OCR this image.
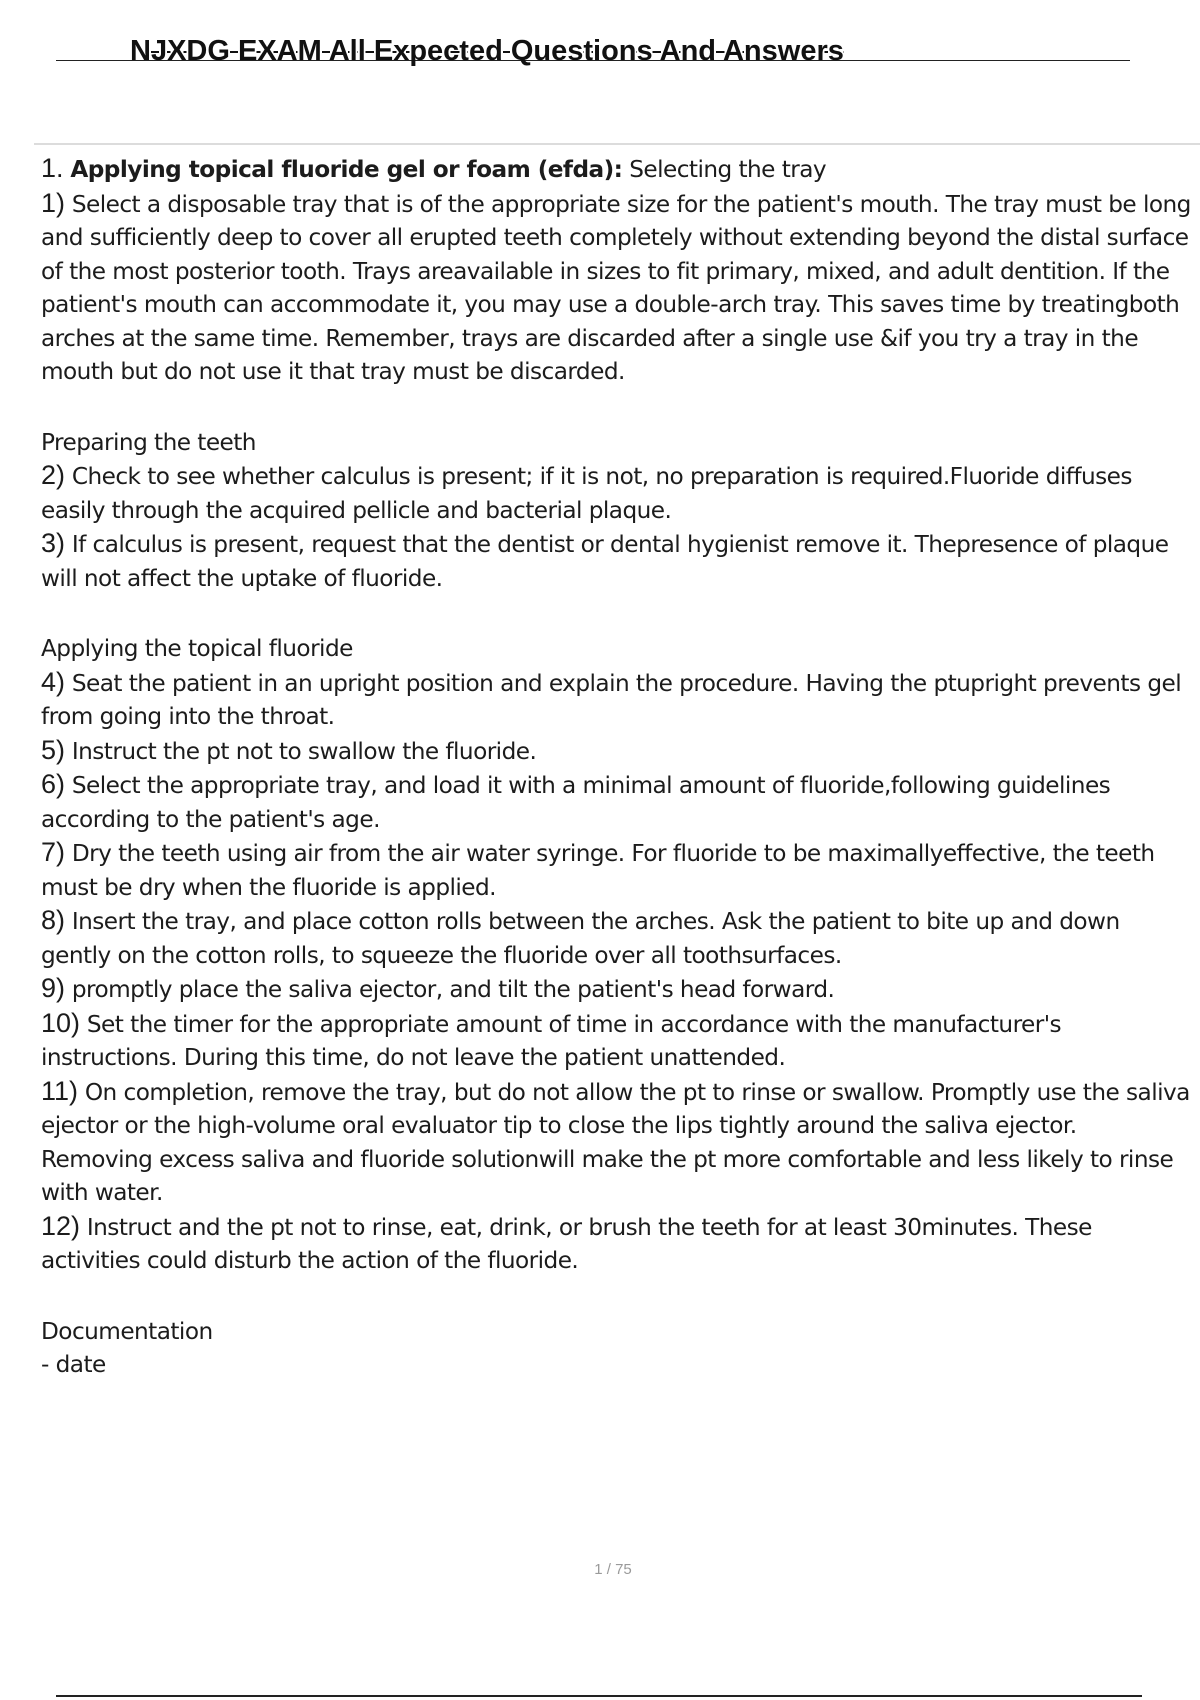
NJXDG EXAM All Expected Questions And Answers

1. Applying topical fluoride gel or foam (efda): Selecting the tray

1) Select a disposable tray that is of the appropriate size for the patient's mouth. The tray must be long and sufficiently deep to cover all erupted teeth completely without extending beyond the distal surface of the most posterior tooth. Trays areavailable in sizes to fit primary, mixed, and adult dentition. If the patient's mouth can accommodate it, you may use a double-arch tray. This saves time by treatingboth arches at the same time. Remember, trays are discarded after a single use &if you try a tray in the mouth but do not use it that tray must be discarded.

Preparing the teeth

2) Check to see whether calculus is present; if it is not, no preparation is required.Fluoride diffuses easily through the acquired pellicle and bacterial plaque.

3) If calculus is present, request that the dentist or dental hygienist remove it. Thepresence of plaque will not affect the uptake of fluoride.

Applying the topical fluoride

4) Seat the patient in an upright position and explain the procedure. Having the ptupright prevents gel from going into the throat.

5) Instruct the pt not to swallow the fluoride.

6) Select the appropriate tray, and load it with a minimal amount of fluoride,following guidelines according to the patient's age.

7) Dry the teeth using air from the air water syringe. For fluoride to be maximallyeffective, the teeth must be dry when the fluoride is applied.

8) Insert the tray, and place cotton rolls between the arches. Ask the patient to bite up and down gently on the cotton rolls, to squeeze the fluoride over all toothsurfaces.

9) promptly place the saliva ejector, and tilt the patient's head forward.

10) Set the timer for the appropriate amount of time in accordance with the manufacturer's instructions. During this time, do not leave the patient unattended.

11) On completion, remove the tray, but do not allow the pt to rinse or swallow. Promptly use the saliva ejector or the high-volume oral evaluator tip to close the lips tightly around the saliva ejector. Removing excess saliva and fluoride solutionwill make the pt more comfortable and less likely to rinse with water.

12) Instruct and the pt not to rinse, eat, drink, or brush the teeth for at least 30minutes. These activities could disturb the action of the fluoride.

Documentation

- date

1 / 75
